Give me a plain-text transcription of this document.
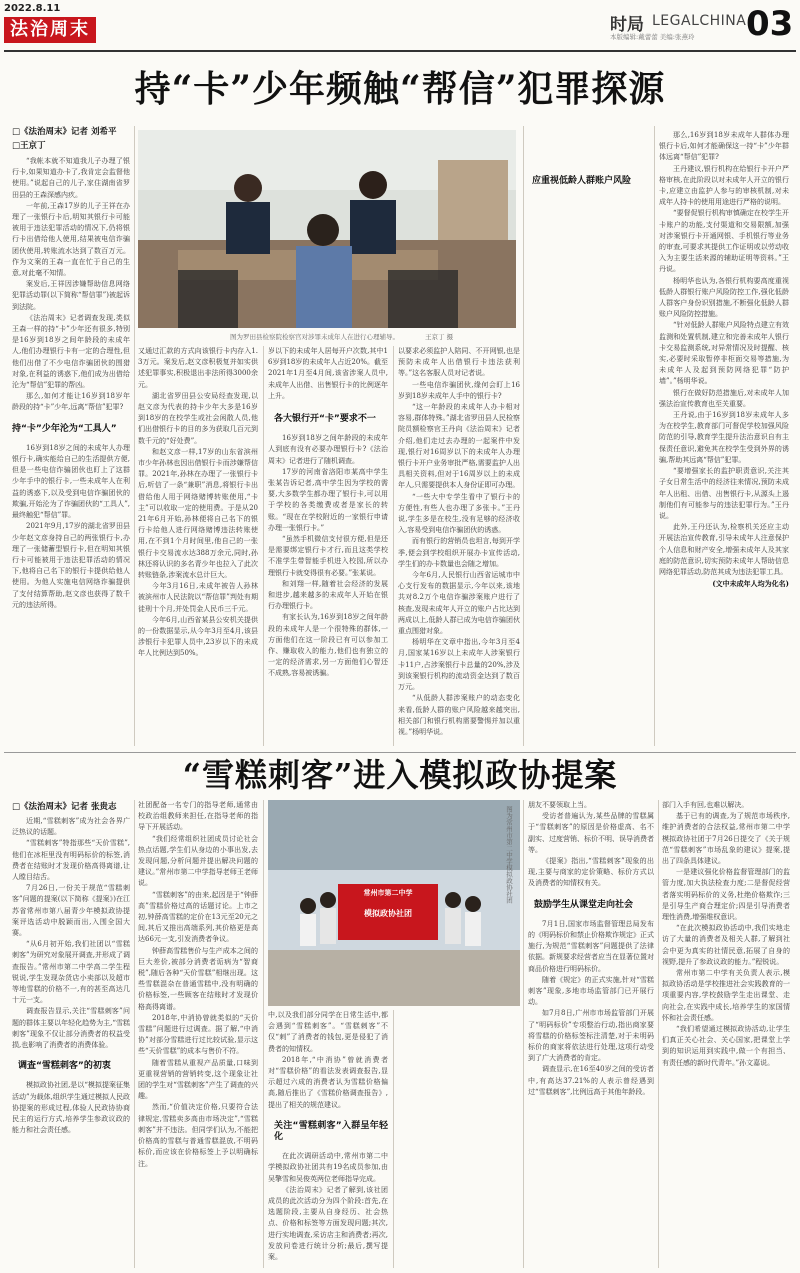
2022.8.11
法治周末	时局 LEGALCHINA
本版编辑:戴蕾蕾 美编:张燕玲 03
持“卡”少年频触“帮信”犯罪探源
□《法治周末》记者 刘希平
□王京丁
图为罗田县检察院检察官对涉罪未成年人在进行心理辅导。	王京丁 摄

“我帐本就不知道我儿子办理了银行卡,如果知道办卡了,我肯定会监督他使用。”说起自己的儿子,家住湖南省罗田县的王森深感内疚。

一年前,王森17岁的儿子王祥在办理了一张银行卡后,明知其银行卡可能被用于违法犯罪活动的情况下,仍将银行卡出借给他人使用,结果被电信诈骗团伙使用,转账流水达到了数百万元。作为文案的王森一直在忙于自己的生意,对此毫不知情。

案发后,王祥因涉嫌帮助信息网络犯罪活动罪(以下简称“帮信罪”)被起诉到法院。

《法治周末》记者调查发现,类似王森一样的持“卡”少年还有很多,特别是16岁到18岁之间年龄段的未成年人,他们办理银行卡有一定的合理性,但他们出借了不少电信诈骗团伙的围猎对象,在利益的诱惑下,他们成为出借给沦为“帮信”犯罪的帮凶。

那么,如何才能让16岁到18岁年龄段的持“卡”少年,远离“帮信”犯罪?

持“卡”少年沦为“工具人”

16岁到18岁之间的未成年人办理银行卡,确实能给自己的生活提供方便,但是一些电信诈骗团伙也盯上了这群少年手中的银行卡,一些未成年人在利益的诱惑下,以及受到电信诈骗团伙的欺骗,开始沦为了诈骗团伙的“工具人”,最终触犯“帮信”罪。

2021年9月,17岁的湖北省罗田县少年赵文彦身持自己的两张银行卡,办理了一张储蓄型银行卡,但在明知其银行卡可能被用于违法犯罪活动的情况下,他将自己名下的银行卡提供给他人使用。为他人实施电信网络诈骗提供了支付结算帮助,赵文彦也获得了数千元的违法所得。

又通过汇款的方式向该银行卡内存入1.3万元。案发后,赵文彦积极复并如实供述犯罪事实,积极退出非法所得3000余元。

湖北省罗田县公安局经查发现,以赵文彦为代表的持卡少年大多是16岁到18岁的在校学生或社会闲散人员,他们出借银行卡的目的多为获取几百元到数千元的“好处费”。

和赵文彦一样,17岁的山东省滨州市少年孙林也因出借银行卡而涉嫌帮信罪。2021年,孙林在办理了一张银行卡后,听信了一条“兼职”消息,将银行卡出借给他人用于网络赌博转账使用,“卡主”可以收取一定的使用费。于是从2021年6月开始,孙林便将自己名下的银行卡给他人进行网络赌博违法转账使用,在不到1个月时间里,他自己的一张银行卡交易流水达388万余元,同时,孙林还将认识的多名青少年也拉入了此次转账链条,涉案流水总计巨大。

今年3月16日,未成年被告人孙林被滨州市人民法院以“帮信罪”判处有期徒刑十个月,并处罚金人民币三千元。

今年6月,山西省某县公安机关提供的一份数据显示,从今年3月至4月,该县涉银行卡犯罪人员中,23岁以下的未成年人比例达到50%。

岁以下的未成年人居每开户次数,其中16岁到18岁的未成年人占近20%。截至2021年1月至4月间,该省涉案人员中,未成年人出借、出售银行卡的比例逐年上升。

各大银行开“卡”要求不一

16岁到18岁之间年龄段的未成年人到底有没有必要办理银行卡?《法治周末》记者进行了随机调查。

17岁的河南省洛阳市某高中学生张某告诉记者,高中学生因为学校的需要,大多数学生都办理了银行卡,可以用于学校的各类缴费或者是家长的转账。“现在在学校附近的一家银行申请办理一张银行卡。”

“虽然手机微信支付很方便,但是还是需要绑定银行卡才行,而且这类学校不准学生带智能手机进入校园,所以办理银行卡就变得很有必要。”张某说。

和刘翔一样,随着社会经济的发展和进步,越来越多的未成年人开始在银行办理银行卡。

有家长认为,16岁到18岁之间年龄段的未成年人是一个很特殊的群体,一方面他们在这一阶段已有可以参加工作、赚取收入的能力,他们也有独立的一定的经济需求,另一方面他们心智还不成熟,容易被诱骗。

以要求必须监护人陪同、不开网银,也是预防未成年人出借银行卡违法获利等。”这名客服人员对记者说。

一些电信诈骗团伙,缘何会盯上16岁到18岁未成年人手中的银行卡?

“这一年龄段的未成年人办卡相对容易,群体特殊。”湖北省罗田县人民检察院员额检察官王丹向《法治周末》记者介绍,他们走过去办理的一起案件中发现,银行对16周岁以下的未成年人办理银行卡开户业务审批严格,需要监护人出具相关资料,但对于16周岁以上的未成年人,只需要提供本人身份证即可办理。

“一些大中专学生看中了银行卡的方便性,有些人也办理了多张卡。”王丹说,学生多是在校生,没有足够的经济收入,容易受到电信诈骗团伙的诱惑。

而有银行的营销员也坦言,每到开学季,便会到学校组织开展办卡宣传活动,学生们的办卡数量也会随之增加。

今年6月,人民银行山西省运城市中心支行发布的数据显示,今年以来,该地共对8.2万个电信诈骗涉案账户进行了核查,发现未成年人开立的账户占比达到两成以上,低龄人群已成为电信诈骗团伙重点围猎对象。

杨明华在文章中指出,今年3月至4月,国家某16岁以上未成年人涉案银行卡11户,占涉案银行卡总量的20%,涉及到该案银行机构的流动资金达到了数百万元。

“从低龄人群涉案账户的动态变化来看,低龄人群的账户风险越来越突出,相关部门和银行机构需要警惕并加以重视。”杨明华说。

应重视低龄人群账户风险

那么,16岁到18岁未成年人群体办理银行卡后,如何才能确保这一持“卡”少年群体远离“帮信”犯罪?

王丹建议,银行机构在给银行卡开户严格审核,在此阶段以对未成年人开立的银行卡,应建立由监护人参与的审核机制,对未成年人持卡的使用用途进行严格的说明。

“要督促银行机构审慎确定在校学生开卡账户的功能,支付渠道和交易限额,加强对涉案银行卡开通网银、手机银行等业务的审查,可要求其提供工作证明或以劳动收入为主要生活来源的辅助证明等资料。”王丹说。

杨明华也认为,各银行机构要高度重视低龄人群银行账户风险防控工作,强化低龄人群客户身份识别措施,不断强化低龄人群账户风险防控措施。

“针对低龄人群账户风险特点建立有效监测和处置机制,建立和完善未成年人银行卡交易监测系统,对异常情况及时提醒、核实,必要时采取暂停非柜面交易等措施,为未成年人及起到预防网络犯罪“防护墙”。”杨明华说。

银行在做好防范措施后,对未成年人加强法治宣传教育也至关重要。

王丹说,由于16岁到18岁未成年人多为在校学生,教育部门可督促学校加强风险防范的引导,教育学生提升法治意识自有主保责任意识,避免其在校学生受到外界的诱骗,帮助其远离“帮信”犯罪。

“要增强家长的监护职责意识,关注其子女日常生活中的经济往来情况,预防未成年人出租、出借、出售银行卡,从源头上遏制他们有可能参与的违法犯罪行为。”王丹说。

此外,王丹还认为,检察机关还应主动开展法治宣传教育,引导未成年人注意保护个人信息和财产安全,增强未成年人及其家庭的防范意识,切实预防未成年人帮助信息网络犯罪活动,防范其成为违法犯罪工具。

(文中未成年人均为化名)

“雪糕刺客”进入模拟政协提案
□《法治周末》记者 张贵志

近期,“雪糕刺客”成为社会各界广泛热议的话题。

“雪糕刺客”特指那些“天价雪糕”,他们在冰柜里没有明码标价的标签,消费者在结账时才发现价格高得离谱,让人瞠目结舌。

7月26日,一份关于规范“雪糕刺客”问题的提案(以下简称《提案》)在江苏省常州市第八届青少年模拟政协提案评选活动中脱颖而出,入围全国大赛。

“从6月初开始,我们社团以“雪糕刺客”为研究对象展开调查,并形成了调查报告。”常州市第二中学高二学生程锐说,学生发现杂货店小卖部以及超市等地雪糕的价格不一,有的甚至高达几十元一支。

调查报告显示,关注“雪糕刺客”问题的群体主要以年轻化趋势为主,“雪糕刺客”现象不仅让部分消费者的权益受损,也影响了消费者的消费体验。

调查“雪糕刺客”的初衷

模拟政协社团,是以“模拟提案征集活动”为载体,组织学生通过模拟人民政协提案的形成过程,体验人民政协协商民主的运行方式,培养学生参政议政的能力和社会责任感。

社团配备一名专门的指导老师,通常由校政治组教师来担任,在指导老师的指导下开展活动。

“我们经常组织社团成员讨论社会热点话题,学生们从身边的小事出发,去发现问题,分析问题并提出解决问题的建议。”常州市第二中学指导老师王老师说。

“雪糕刺客”的由来,起因是于“钟薛高”雪糕价格过高的话题讨论。上市之初,钟薛高雪糕的定价在13元至20元之间,其后又推出高端系列,其价格更是高达66元一支,引发消费者争议。

钟薛高雪糕售价与生产成本之间的巨大差价,被部分消费者诟病为“智商税”,随后各种“天价雪糕”相继出现。这些雪糕混杂在普通雪糕中,没有明确的价格标签,一些顾客在结账时才发现价格高得离谱。

2018年,中消协曾就类似的“天价雪糕”问题进行过调查。据了解,“中消协”对部分雪糕进行过比较试验,显示这些“天价雪糕”的成本与售价不符。

随着雪糕从重视产品质量,口味到更重视营销的营销转变,这个现象让社团的学生对“雪糕刺客”产生了调查的兴趣。

然而,“价值决定价格,只要符合法律规定,雪糕卖多高由市场决定”,“雪糕刺客”并不违法。但同学们认为,不能把价格高的雪糕与普通雪糕混放,不明码标价,而应该在价格标签上予以明确标注。

常州市第二中学
模拟政协社团
图为常州市第二中学模拟政协社团

中,以及我们部分同学在日常生活中,都会遇到“雪糕刺客”。“雪糕刺客”不仅“刺”了消费者的钱包,更是侵犯了消费者的知情权。

2018年,“中消协”曾就消费者对“雪糕价格”的看法发表调查报告,显示超过六成的消费者认为雪糕价格偏高,随后推出了《雪糕价格调查报告》,提出了相关的规范建议。

关注“雪糕刺客”入群呈年轻化

在此次调研活动中,常州市第二中学模拟政协社团共有19名成员参加,由吴擎雪和吴俊英两位老师指导完成。

《法治周末》记者了解到,该社团成员的此次活动分为四个阶段:首先,在选题阶段,主要从自身经历、社会热点、价格和标签等方面发现问题;其次,进行实地调查,采访店主和消费者;再次,发放问卷进行统计分析;最后,撰写提案。

朋友不要领取上当。

受访者普遍认为,某些品牌的雪糕属于“雪糕刺客”的原因是价格虚高、名不副实、过度营销、标价不明、误导消费者等。

《提案》指出,“雪糕刺客”现象的出现,主要与商家的定价策略、标价方式以及消费者的知情权有关。

鼓励学生从课堂走向社会

7月1日,国家市场监督管理总局发布的《明码标价和禁止价格欺诈规定》正式施行,为规范“雪糕刺客”问题提供了法律依据。新规要求经营者应当在显著位置对商品价格进行明码标价。

随着《规定》的正式实施,针对“雪糕刺客”现象,多地市场监管部门已开展行动。

如7月8日,广州市市场监管部门开展了“明码标价”专项整治行动,指出商家要将雪糕的价格标签标注清楚,对于未明码标价的商家将依法进行处理,这项行动受到了广大消费者的肯定。

调查显示,在16至40岁之间的受访者中,有高达37.21%的人表示曾经遇到过“雪糕刺客”,比例远高于其他年龄段。

部门入手有回,也难以解决。

基于已有的调查,为了规范市场秩序,维护消费者的合法权益,常州市第二中学模拟政协社团于7月26日提交了《关于规范“雪糕刺客”市场乱象的建议》提案,提出了四条具体建议。

一是建议强化价格监督管理部门的监管力度,加大执法检查力度;二是督促经营者落实明码标价的义务,杜绝价格欺诈;三是引导生产商合理定价;四是引导消费者理性消费,增强维权意识。

“在此次模拟政协活动中,我们实地走访了大量的消费者及相关人群,了解到社会中更为真实的社情民意,拓展了自身的视野,提升了参政议政的能力。”程锐说。

常州市第二中学有关负责人表示,模拟政协活动是学校推进社会实践教育的一项重要内容,学校鼓励学生走出课堂、走向社会,在实践中成长,培养学生的家国情怀和社会责任感。

“我们希望通过模拟政协活动,让学生们真正关心社会、关心国家,把课堂上学到的知识运用到实践中,做一个有担当、有责任感的新时代青年。”孙文嘉说。
